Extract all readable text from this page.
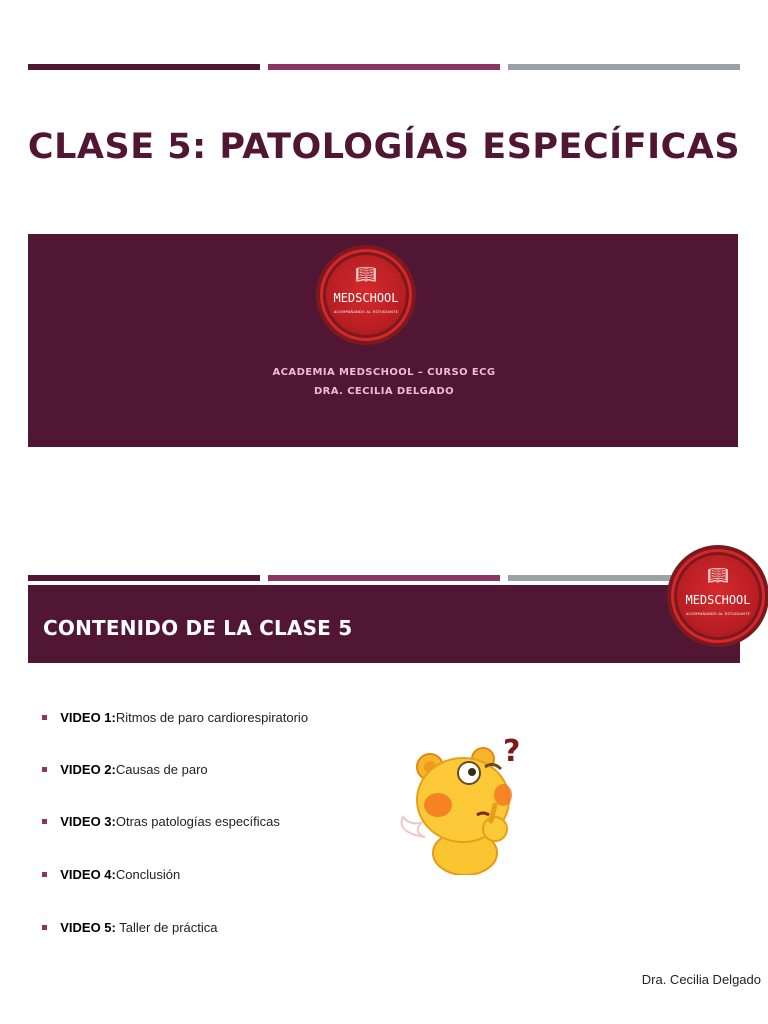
CLASE 5: PATOLOGÍAS ESPECÍFICAS
📖︎
MEDSCHOOL
ACOMPAÑANDO AL ESTUDIANTE
ACADEMIA MEDSCHOOL – CURSO ECG
DRA. CECILIA DELGADO
CONTENIDO DE LA CLASE 5
📖︎
MEDSCHOOL
ACOMPAÑANDO AL ESTUDIANTE

VIDEO 1:Ritmos de paro cardiorespiratorio

VIDEO 2:Causas de paro

VIDEO 3:Otras patologías específicas

VIDEO 4:Conclusión

VIDEO 5: Taller de práctica

?
Dra. Cecilia Delgado
